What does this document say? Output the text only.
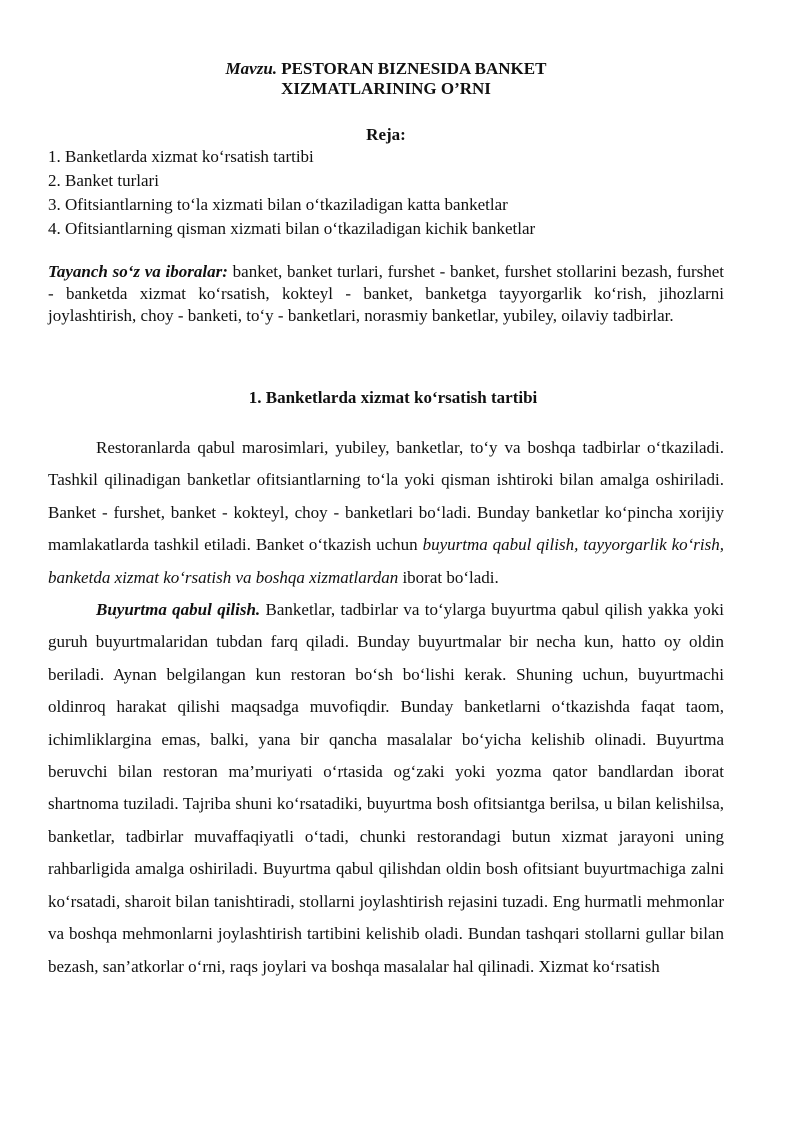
Mavzu. PESTORAN BIZNESIDA BANKET
XIZMATLARINING O’RNI
Reja:
1. Banketlarda xizmat ko‘rsatish tartibi
2. Banket turlari
3. Ofitsiantlarning to‘la xizmati bilan o‘tkaziladigan katta banketlar
4. Ofitsiantlarning qisman xizmati bilan o‘tkaziladigan kichik banketlar

Tayanch so‘z va iboralar: banket, banket turlari, furshet - banket, furshet stollarini bezash, furshet - banketda xizmat ko‘rsatish, kokteyl - banket, banketga tayyorgarlik ko‘rish, jihozlarni joylashtirish, choy - banketi, to‘y - banketlari, norasmiy banketlar, yubiley, oilaviy tadbirlar.

1. Banketlarda xizmat ko‘rsatish tartibi

Restoranlarda qabul marosimlari, yubiley, banketlar, to‘y va boshqa tadbirlar o‘tkaziladi. Tashkil qilinadigan banketlar ofitsiantlarning to‘la yoki qisman ishtiroki bilan amalga oshiriladi. Banket - furshet, banket - kokteyl, choy - banketlari bo‘ladi. Bunday banketlar ko‘pincha xorijiy mamlakatlarda tashkil etiladi. Banket o‘tkazish uchun buyurtma qabul qilish, tayyorgarlik ko‘rish, banketda xizmat ko‘rsatish va boshqa xizmatlardan iborat bo‘ladi.

Buyurtma qabul qilish. Banketlar, tadbirlar va to‘ylarga buyurtma qabul qilish yakka yoki guruh buyurtmalaridan tubdan farq qiladi. Bunday buyurtmalar bir necha kun, hatto oy oldin beriladi. Aynan belgilangan kun restoran bo‘sh bo‘lishi kerak. Shuning uchun, buyurtmachi oldinroq harakat qilishi maqsadga muvofiqdir. Bunday banketlarni o‘tkazishda faqat taom, ichimliklargina emas, balki, yana bir qancha masalalar bo‘yicha kelishib olinadi. Buyurtma beruvchi bilan restoran ma’muriyati o‘rtasida og‘zaki yoki yozma qator bandlardan iborat shartnoma tuziladi. Tajriba shuni ko‘rsatadiki, buyurtma bosh ofitsiantga berilsa, u bilan kelishilsa, banketlar, tadbirlar muvaffaqiyatli o‘tadi, chunki restorandagi butun xizmat jarayoni uning rahbarligida amalga oshiriladi. Buyurtma qabul qilishdan oldin bosh ofitsiant buyurtmachiga zalni ko‘rsatadi, sharoit bilan tanishtiradi, stollarni joylashtirish rejasini tuzadi. Eng hurmatli mehmonlar va boshqa mehmonlarni joylashtirish tartibini kelishib oladi. Bundan tashqari stollarni gullar bilan bezash, san’atkorlar o‘rni, raqs joylari va boshqa masalalar hal qilinadi. Xizmat ko‘rsatish
